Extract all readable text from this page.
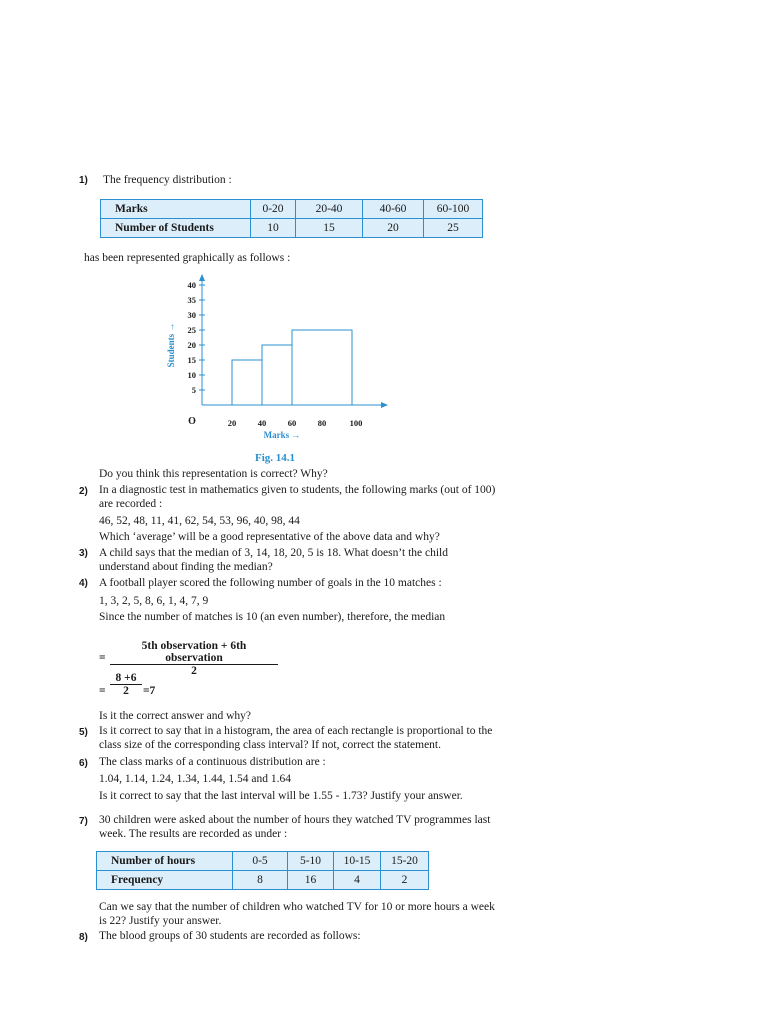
1) The frequency distribution :
Marks	0-20	20-40	40-60	60-100
Number of Students	10	15	20	25
has been represented graphically as follows :
5
10
15
20
25
30
35
40
20	40	60	80	100
O
Marks →
Students →
Fig. 14.1
Do you think this representation is correct? Why?
2) In a diagnostic test in mathematics given to students, the following marks (out of 100) are recorded :
46, 52, 48, 11, 41, 62, 54, 53, 96, 40, 98, 44
Which ‘average’ will be a good representative of the above data and why?
3) A child says that the median of 3, 14, 18, 20, 5 is 18. What doesn’t the child understand about finding the median?
4) A football player scored the following number of goals in the 10 matches :
1, 3, 2, 5, 8, 6, 1, 4, 7, 9
Since the number of matches is 10 (an even number), therefore, the median
=
5th observation + 6th observation
2
= $\frac{8 +6}{2} =7$
Is it the correct answer and why?
5) Is it correct to say that in a histogram, the area of each rectangle is proportional to the class size of the corresponding class interval? If not, correct the statement.
6) The class marks of a continuous distribution are :
1.04, 1.14, 1.24, 1.34, 1.44, 1.54 and 1.64
Is it correct to say that the last interval will be 1.55 - 1.73? Justify your answer.
7) 30 children were asked about the number of hours they watched TV programmes last week. The results are recorded as under :
Number of hours	0-5	5-10	10-15	15-20
Frequency	8	16	4	2
Can we say that the number of children who watched TV for 10 or more hours a week is 22? Justify your answer.
8) The blood groups of 30 students are recorded as follows:
